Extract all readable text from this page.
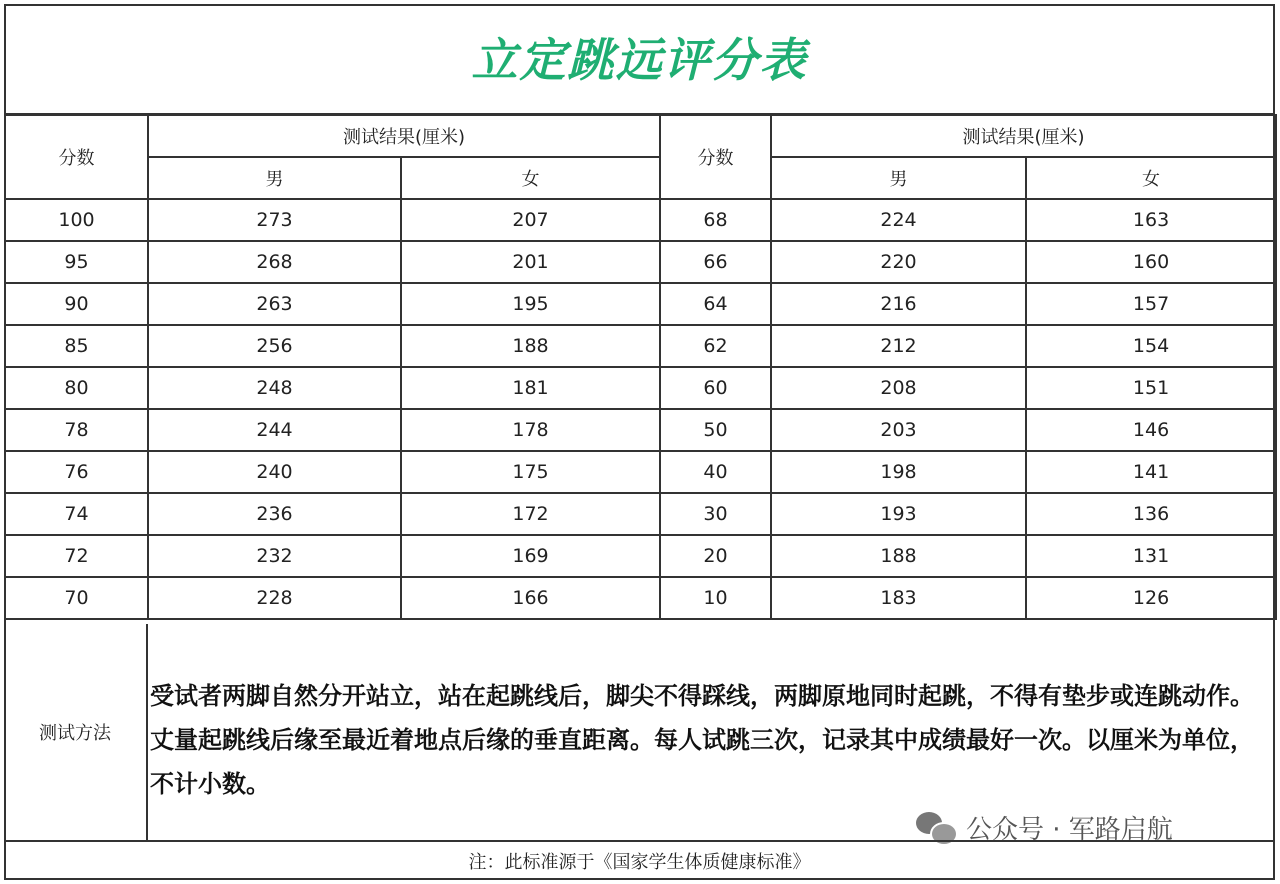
立定跳远评分表
分数	测试结果(厘米)		分数	测试结果(厘米)	
	男	女		男	女
100	273	207	68	224	163
95	268	201	66	220	160
90	263	195	64	216	157
85	256	188	62	212	154
80	248	181	60	208	151
78	244	178	50	203	146
76	240	175	40	198	141
74	236	172	30	193	136
72	232	169	20	188	131
70	228	166	10	183	126
测试方法
受试者两脚自然分开站立，站在起跳线后，脚尖不得踩线，两脚原地同时起跳，不得有垫步或连跳动作。丈量起跳线后缘至最近着地点后缘的垂直距离。每人试跳三次，记录其中成绩最好一次。以厘米为单位，不计小数。
公众号 · 军路启航
注：此标准源于《国家学生体质健康标准》
